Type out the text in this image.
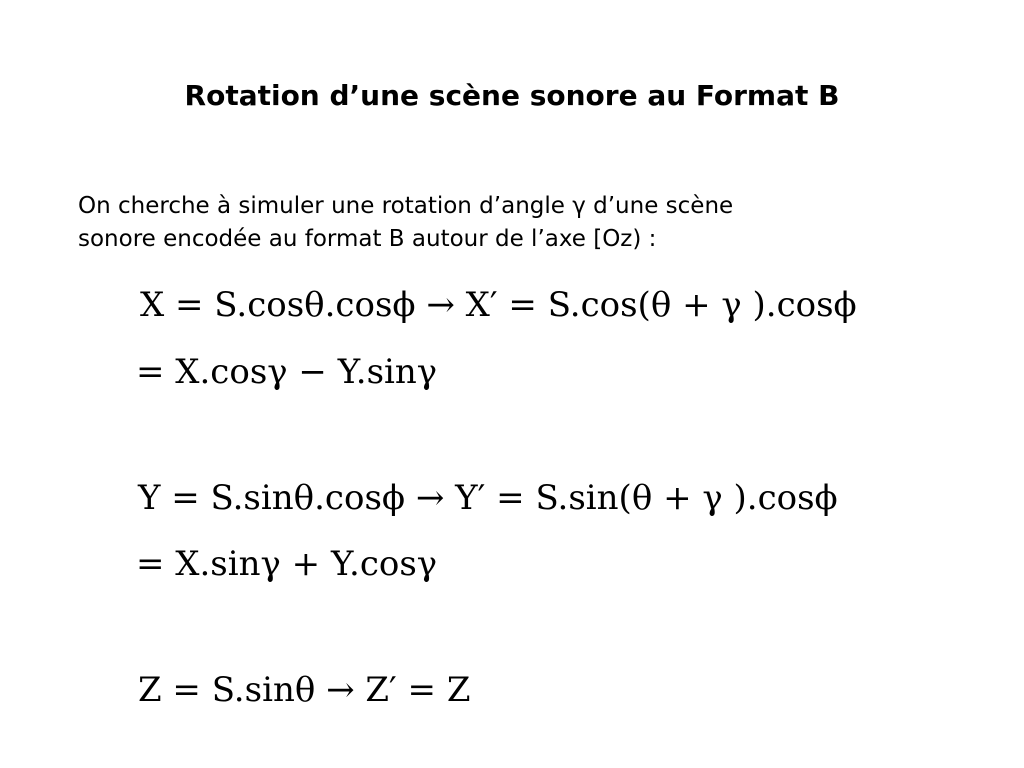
Rotation d’une scène sonore au Format B
On cherche à simuler une rotation d’angle γ d’une scène
sonore encodée au format B autour de l’axe [Oz) :
X = S.cosθ.cosϕ → X′ = S.cos(θ + γ ).cosϕ
= X.cosγ − Y.sinγ
Y = S.sinθ.cosϕ → Y′ = S.sin(θ + γ ).cosϕ
= X.sinγ + Y.cosγ
Z = S.sinθ → Z′ = Z
